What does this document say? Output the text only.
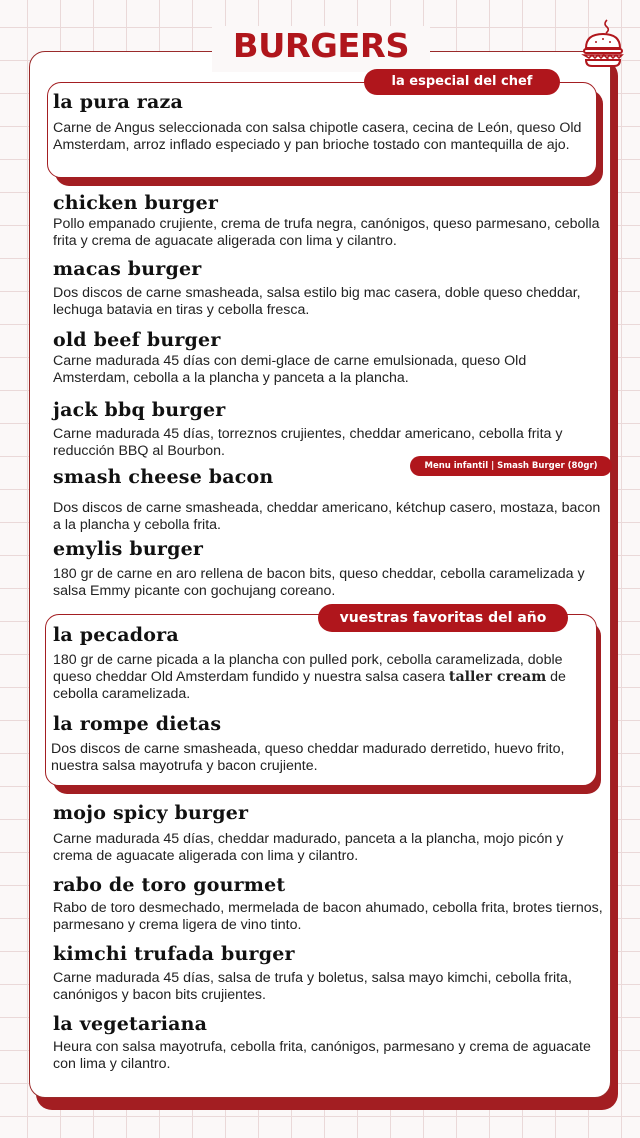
BURGERS
la especial del chef
vuestras favoritas del año
Menu infantil | Smash Burger (80gr)
la pura raza
Carne de Angus seleccionada con salsa chipotle casera, cecina de León, queso Old Amsterdam, arroz inflado especiado y pan brioche tostado con mantequilla de ajo.
chicken burger
Pollo empanado crujiente, crema de trufa negra, canónigos, queso parmesano, cebolla frita y crema de aguacate aligerada con lima y cilantro.
macas burger
Dos discos de carne smasheada, salsa estilo big mac casera, doble queso cheddar, lechuga batavia en tiras y cebolla fresca.
old beef burger
Carne madurada 45 días con demi-glace de carne emulsionada, queso Old Amsterdam, cebolla a la plancha y panceta a la plancha.
jack bbq burger
Carne madurada 45 días, torreznos crujientes, cheddar americano, cebolla frita y reducción BBQ al Bourbon.
smash cheese bacon
Dos discos de carne smasheada, cheddar americano, kétchup casero, mostaza, bacon a la plancha y cebolla frita.
emylis burger
180 gr de carne en aro rellena de bacon bits, queso cheddar, cebolla caramelizada y salsa Emmy picante con gochujang coreano.
la pecadora
180 gr de carne picada a la plancha con pulled pork, cebolla caramelizada, doble queso cheddar Old Amsterdam fundido y nuestra salsa casera taller cream de cebolla caramelizada.
la rompe dietas
Dos discos de carne smasheada, queso cheddar madurado derretido, huevo frito, nuestra salsa mayotrufa y bacon crujiente.
mojo spicy burger
Carne madurada 45 días, cheddar madurado, panceta a la plancha, mojo picón y crema de aguacate aligerada con lima y cilantro.
rabo de toro gourmet
Rabo de toro desmechado, mermelada de bacon ahumado, cebolla frita, brotes tiernos, parmesano y crema ligera de vino tinto.
kimchi trufada burger
Carne madurada 45 días, salsa de trufa y boletus, salsa mayo kimchi, cebolla frita, canónigos y bacon bits crujientes.
la vegetariana
Heura con salsa mayotrufa, cebolla frita, canónigos, parmesano y crema de aguacate con lima y cilantro.
